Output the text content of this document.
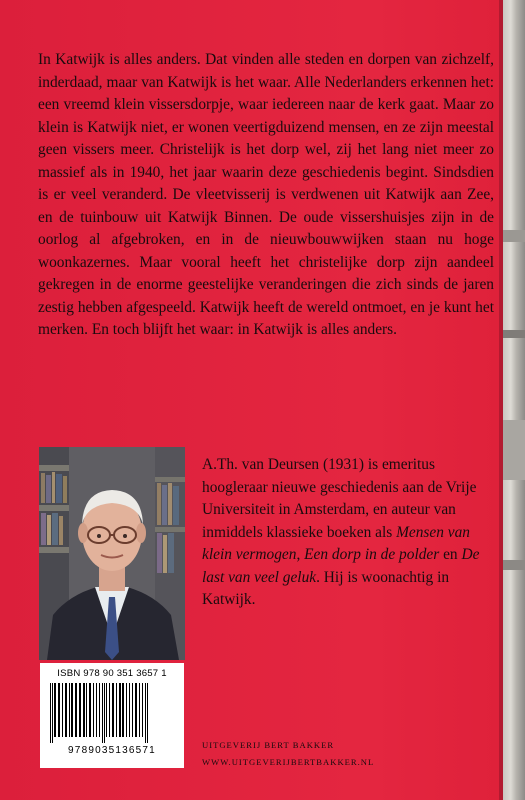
In Katwijk is alles anders. Dat vinden alle steden en dorpen van zichzelf, inderdaad, maar van Katwijk is het waar. Alle Nederlanders erkennen het: een vreemd klein vissersdorpje, waar iedereen naar de kerk gaat. Maar zo klein is Katwijk niet, er wonen veertigduizend mensen, en ze zijn meestal geen vissers meer. Christelijk is het dorp wel, zij het lang niet meer zo massief als in 1940, het jaar waarin deze geschiedenis begint. Sindsdien is er veel veranderd. De vleetvisserij is verdwenen uit Katwijk aan Zee, en de tuinbouw uit Katwijk Binnen. De oude vissershuisjes zijn in de oorlog al afgebroken, en in de nieuwbouwwijken staan nu hoge woonkazernes. Maar vooral heeft het christelijke dorp zijn aandeel gekregen in de enorme geestelijke veranderingen die zich sinds de jaren zestig hebben afgespeeld. Katwijk heeft de wereld ontmoet, en je kunt het merken. En toch blijft het waar: in Katwijk is alles anders.

A.Th. van Deursen (1931) is emeritus hoogleraar nieuwe geschiedenis aan de Vrije Universiteit in Amsterdam, en auteur van inmiddels klassieke boeken als Mensen van klein vermogen, Een dorp in de polder en De last van veel geluk. Hij is woonachtig in Katwijk.

ISBN 978 90 351 3657 1
9789035136571	UITGEVERIJ BERT BAKKER
WWW.UITGEVERIJBERTBAKKER.NL
